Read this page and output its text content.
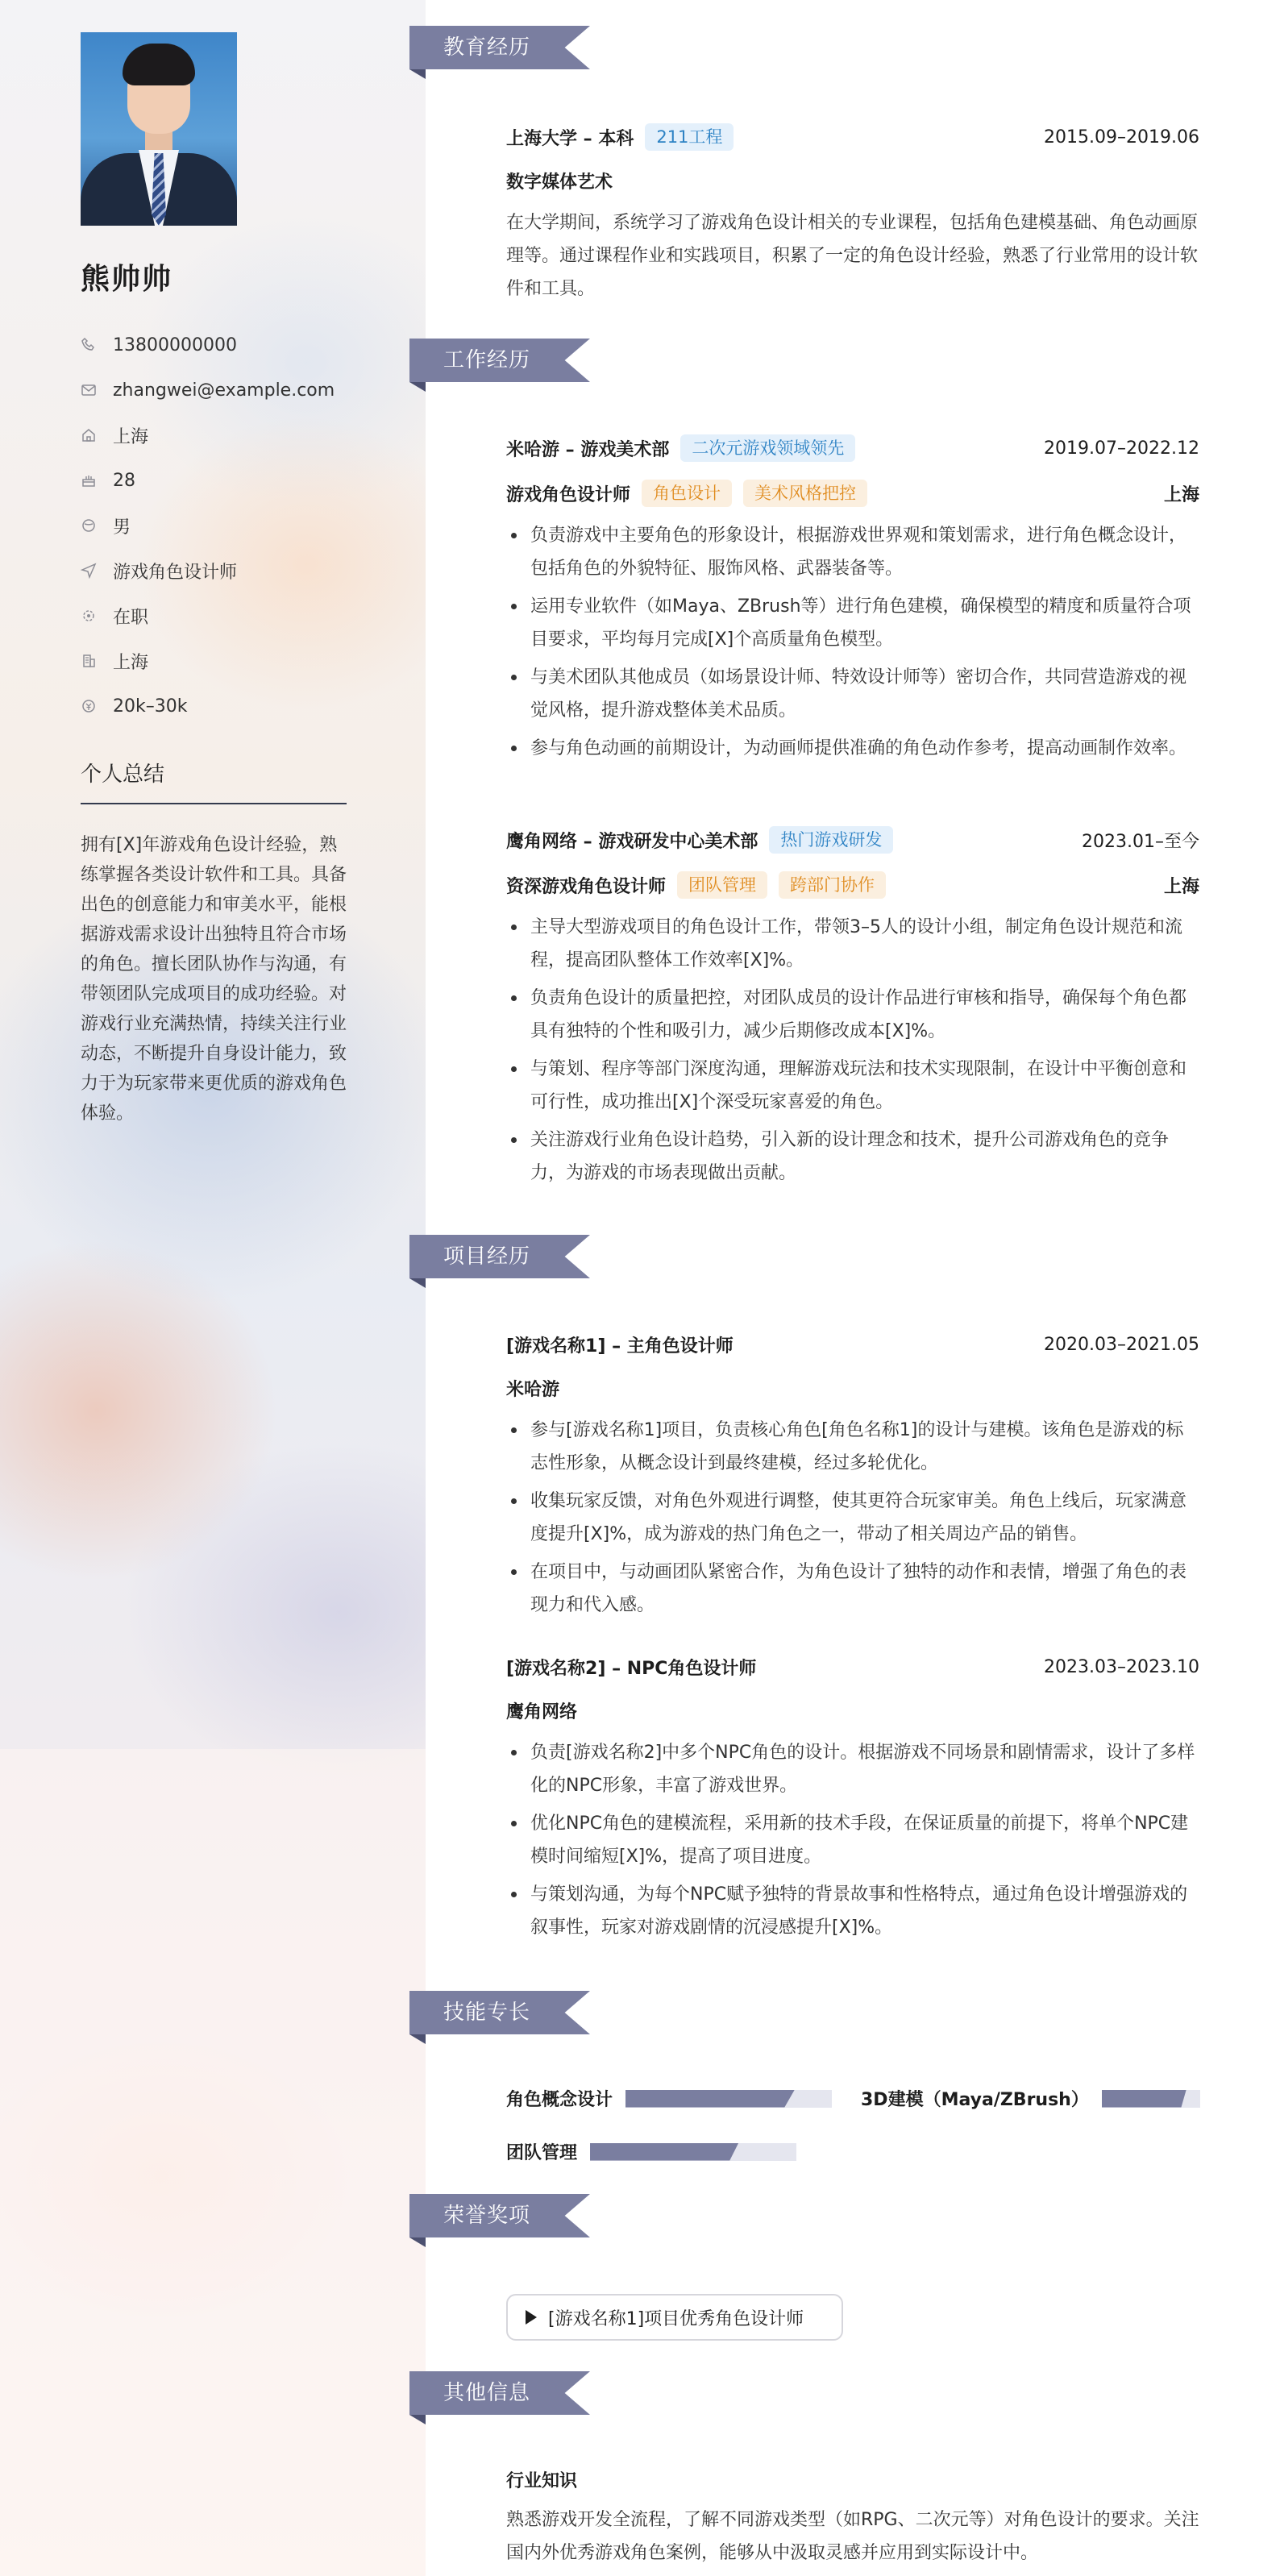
熊帅帅
13800000000
zhangwei@example.com
上海
28
男
游戏角色设计师
在职
上海
20k–30k
个人总结
拥有[X]年游戏角色设计经验，熟练掌握各类设计软件和工具。具备出色的创意能力和审美水平，能根据游戏需求设计出独特且符合市场的角色。擅长团队协作与沟通，有带领团队完成项目的成功经验。对游戏行业充满热情，持续关注行业动态，不断提升自身设计能力，致力于为玩家带来更优质的游戏角色体验。
教育经历
上海大学 – 本科	211工程	2015.09–2019.06
数字媒体艺术
在大学期间，系统学习了游戏角色设计相关的专业课程，包括角色建模基础、角色动画原理等。通过课程作业和实践项目，积累了一定的角色设计经验，熟悉了行业常用的设计软件和工具。
工作经历
米哈游 – 游戏美术部	二次元游戏领域领先	2019.07–2022.12
游戏角色设计师	角色设计	美术风格把控	上海
负责游戏中主要角色的形象设计，根据游戏世界观和策划需求，进行角色概念设计，包括角色的外貌特征、服饰风格、武器装备等。
运用专业软件（如Maya、ZBrush等）进行角色建模，确保模型的精度和质量符合项目要求，平均每月完成[X]个高质量角色模型。
与美术团队其他成员（如场景设计师、特效设计师等）密切合作，共同营造游戏的视觉风格，提升游戏整体美术品质。
参与角色动画的前期设计，为动画师提供准确的角色动作参考，提高动画制作效率。
鹰角网络 – 游戏研发中心美术部	热门游戏研发	2023.01–至今
资深游戏角色设计师	团队管理	跨部门协作	上海
主导大型游戏项目的角色设计工作，带领3–5人的设计小组，制定角色设计规范和流程，提高团队整体工作效率[X]%。
负责角色设计的质量把控，对团队成员的设计作品进行审核和指导，确保每个角色都具有独特的个性和吸引力，减少后期修改成本[X]%。
与策划、程序等部门深度沟通，理解游戏玩法和技术实现限制，在设计中平衡创意和可行性，成功推出[X]个深受玩家喜爱的角色。
关注游戏行业角色设计趋势，引入新的设计理念和技术，提升公司游戏角色的竞争力，为游戏的市场表现做出贡献。
项目经历
[游戏名称1] – 主角色设计师	2020.03–2021.05
米哈游
参与[游戏名称1]项目，负责核心角色[角色名称1]的设计与建模。该角色是游戏的标志性形象，从概念设计到最终建模，经过多轮优化。
收集玩家反馈，对角色外观进行调整，使其更符合玩家审美。角色上线后，玩家满意度提升[X]%，成为游戏的热门角色之一，带动了相关周边产品的销售。
在项目中，与动画团队紧密合作，为角色设计了独特的动作和表情，增强了角色的表现力和代入感。
[游戏名称2] – NPC角色设计师	2023.03–2023.10
鹰角网络
负责[游戏名称2]中多个NPC角色的设计。根据游戏不同场景和剧情需求，设计了多样化的NPC形象，丰富了游戏世界。
优化NPC角色的建模流程，采用新的技术手段，在保证质量的前提下，将单个NPC建模时间缩短[X]%，提高了项目进度。
与策划沟通，为每个NPC赋予独特的背景故事和性格特点，通过角色设计增强游戏的叙事性，玩家对游戏剧情的沉浸感提升[X]%。
技能专长
角色概念设计	3D建模（Maya/ZBrush）
团队管理
荣誉奖项
[游戏名称1]项目优秀角色设计师
其他信息
行业知识
熟悉游戏开发全流程，了解不同游戏类型（如RPG、二次元等）对角色设计的要求。关注国内外优秀游戏角色案例，能够从中汲取灵感并应用到实际设计中。
